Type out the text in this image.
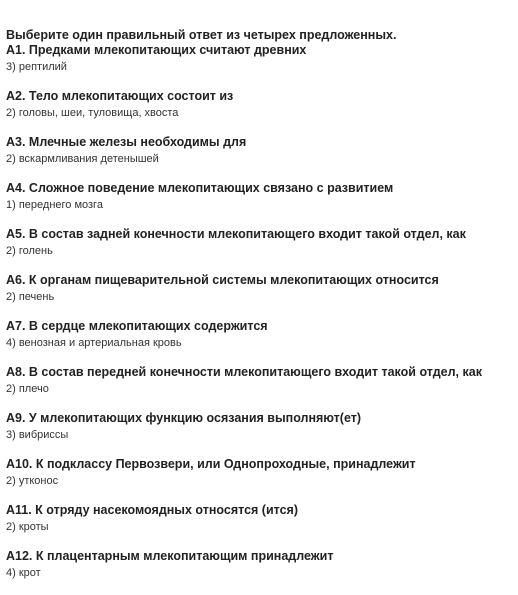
Выберите один правильный ответ из четырех предложенных.
А1. Предками млекопитающих считают древних
3) рептилий
А2. Тело млекопитающих состоит из
2) головы, шеи, туловища, хвоста
А3. Млечные железы необходимы для
2) вскармливания детенышей
А4. Сложное поведение млекопитающих связано с развитием
1) переднего мозга
А5. В состав задней конечности млекопитающего входит такой отдел, как
2) голень
А6. К органам пищеварительной системы млекопитающих относится
2) печень
А7. В сердце млекопитающих содержится
4) венозная и артериальная кровь
А8. В состав передней конечности млекопитающего входит такой отдел, как
2) плечо
А9. У млекопитающих функцию осязания выполняют(ет)
3) вибриссы
А10. К подклассу Первозвери, или Однопроходные, принадлежит
2) утконос
А11. К отряду насекомоядных относятся (ится)
2) кроты
А12. К плацентарным млекопитающим принадлежит
4) крот
